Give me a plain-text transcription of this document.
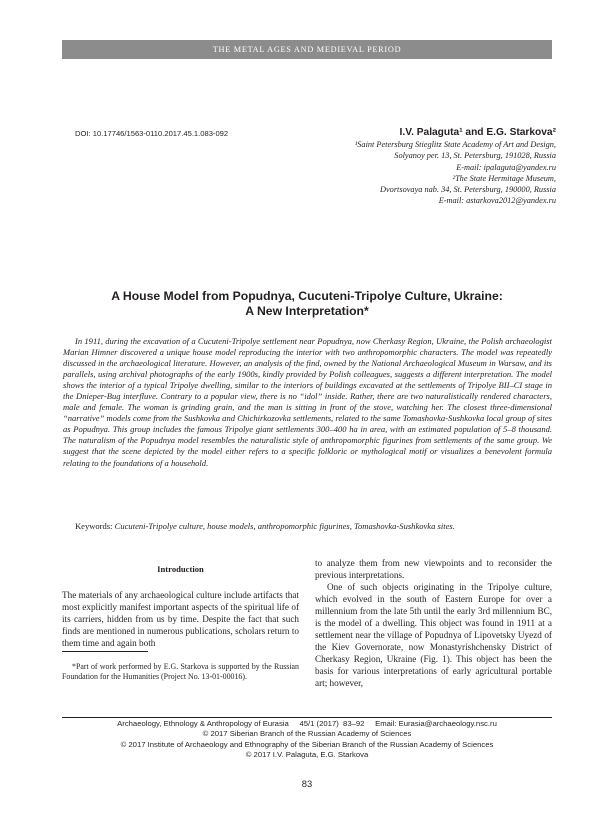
THE METAL AGES AND MEDIEVAL PERIOD
DOI: 10.17746/1563-0110.2017.45.1.083-092	I.V. Palaguta¹ and E.G. Starkova²
¹Saint Petersburg Stieglitz State Academy of Art and Design,
Solyanoy per. 13, St. Petersburg, 191028, Russia
E-mail: ipalaguta@yandex.ru
²The State Hermitage Museum,
Dvortsovaya nab. 34, St. Petersburg, 190000, Russia
E-mail: astarkova2012@yandex.ru
A House Model from Popudnya, Cucuteni-Tripolye Culture, Ukraine:
A New Interpretation*

In 1911, during the excavation of a Cucuteni-Tripolye settlement near Popudnya, now Cherkasy Region, Ukraine, the Polish archaeologist Marian Himner discovered a unique house model reproducing the interior with two anthropomorphic characters. The model was repeatedly discussed in the archaeological literature. However, an analysis of the find, owned by the National Archaeological Museum in Warsaw, and its parallels, using archival photographs of the early 1900s, kindly provided by Polish colleagues, suggests a different interpretation. The model shows the interior of a typical Tripolye dwelling, similar to the interiors of buildings excavated at the settlements of Tripolye BII–CI stage in the Dnieper-Bug interfluve. Contrary to a popular view, there is no “idol” inside. Rather, there are two naturalistically rendered characters, male and female. The woman is grinding grain, and the man is sitting in front of the stove, watching her. The closest three-dimensional “narrative” models come from the Sushkovka and Chichirkozovka settlements, related to the same Tomashovka-Sushkovka local group of sites as Popudnya. This group includes the famous Tripolye giant settlements 300–400 ha in area, with an estimated population of 5–8 thousand. The naturalism of the Popudnya model resembles the naturalistic style of anthropomorphic figurines from settlements of the same group. We suggest that the scene depicted by the model either refers to a specific folkloric or mythological motif or visualizes a benevolent formula relating to the foundations of a household.

Keywords: Cucuteni-Tripolye culture, house models, anthropomorphic figurines, Tomashovka-Sushkovka sites.

Introduction

The materials of any archaeological culture include artifacts that most explicitly manifest important aspects of the spiritual life of its carriers, hidden from us by time. Despite the fact that such finds are mentioned in numerous publications, scholars return to them time and again both

*Part of work performed by E.G. Starkova is supported by the Russian Foundation for the Humanities (Project No. 13-01-00016).

to analyze them from new viewpoints and to reconsider the previous interpretations.

One of such objects originating in the Tripolye culture, which evolved in the south of Eastern Europe for over a millennium from the late 5th until the early 3rd millennium BC, is the model of a dwelling. This object was found in 1911 at a settlement near the village of Popudnya of Lipovetsky Uyezd of the Kiev Governorate, now Monastyrishchensky District of Cherkasy Region, Ukraine (Fig. 1). This object has been the basis for various interpretations of early agricultural portable art; however,

Archaeology, Ethnology & Anthropology of Eurasia     45/1 (2017)  83–92     Email: Eurasia@archaeology.nsc.ru
© 2017 Siberian Branch of the Russian Academy of Sciences
© 2017 Institute of Archaeology and Ethnography of the Siberian Branch of the Russian Academy of Sciences
© 2017 I.V. Palaguta, E.G. Starkova
83
